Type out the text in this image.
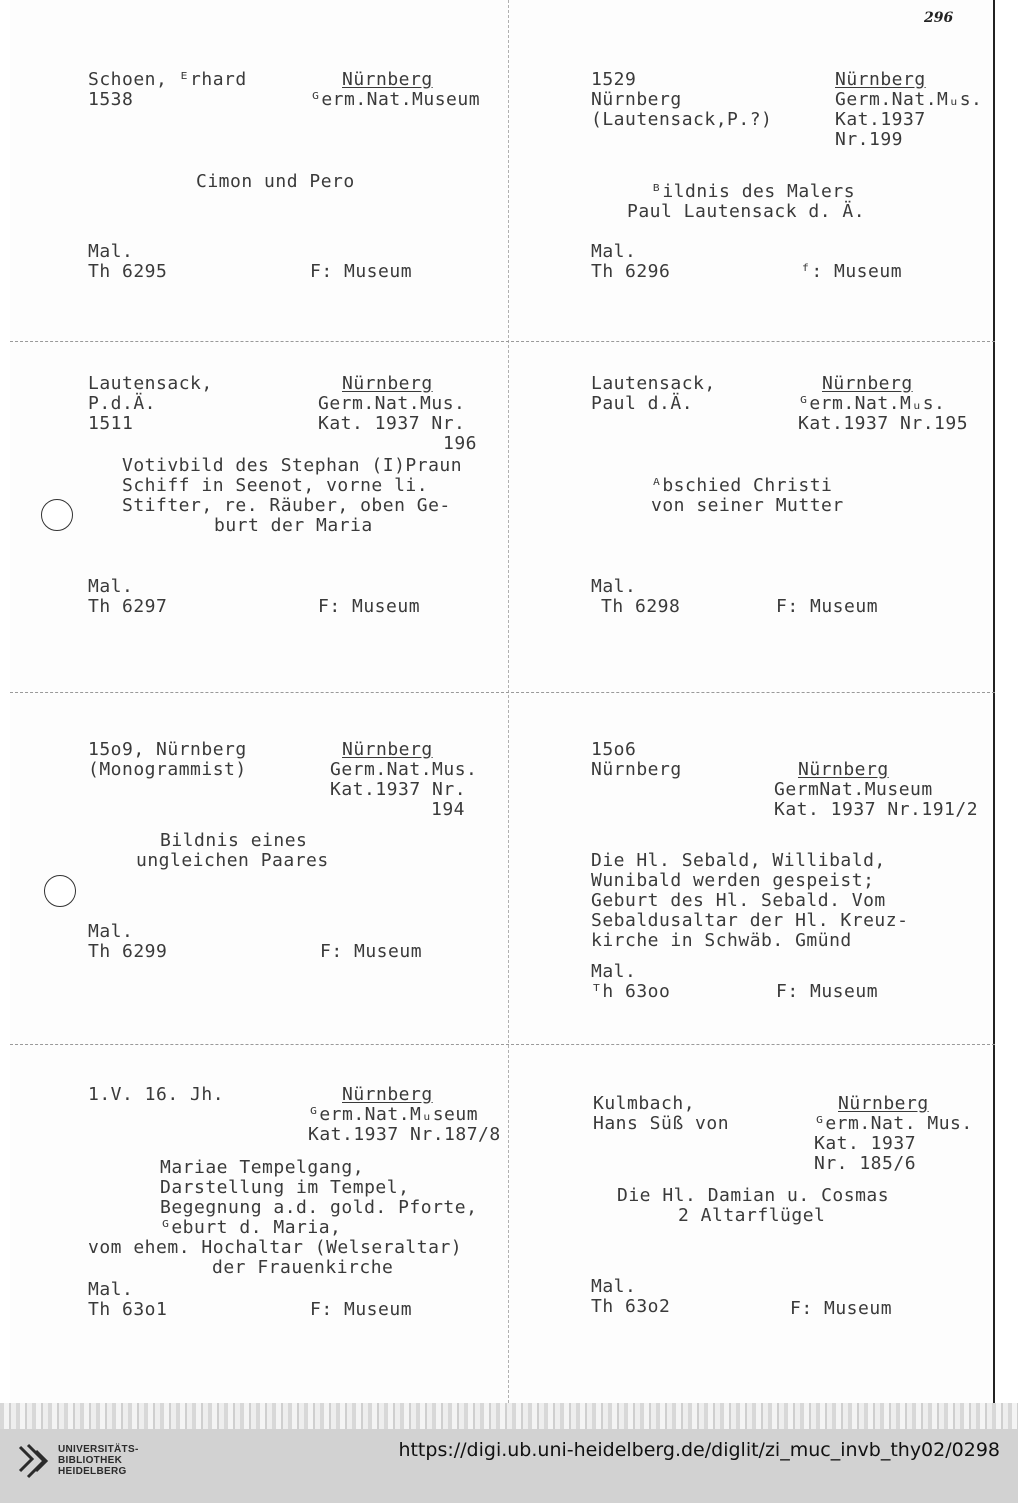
296
Schoen, ᴱrhard
1538
Nürnberg
ᴳerm.Nat.Museum
Cimon und Pero
Mal.
Th 6295	F: Museum
1529
Nürnberg
(Lautensack,P.?)
Nürnberg
Germ.Nat.Mᵤs.
Kat.1937
Nr.199
ᴮildnis des Malers
Paul Lautensack d. Ä.
Mal.
Th 6296	ᶠ: Museum
Lautensack,
P.d.Ä.
1511
Nürnberg
Germ.Nat.Mus.
Kat. 1937 Nr.
196
Votivbild des Stephan (I)Praun
Schiff in Seenot, vorne li.
Stifter, re. Räuber, oben Ge-
burt der Maria
Mal.
Th 6297	F: Museum
Lautensack,
Paul d.Ä.
Nürnberg
ᴳerm.Nat.Mᵤs.
Kat.1937 Nr.195
ᴬbschied Christi
von seiner Mutter
Mal.
Th 6298	F: Museum
15o9, Nürnberg
(Monogrammist)
Nürnberg
Germ.Nat.Mus.
Kat.1937 Nr.
194
Bildnis eines
ungleichen Paares
Mal.
Th 6299	F: Museum
15o6
Nürnberg	Nürnberg
GermNat.Museum
Kat. 1937 Nr.191/2
Die Hl. Sebald, Willibald,
Wunibald werden gespeist;
Geburt des Hl. Sebald. Vom
Sebaldusaltar der Hl. Kreuz-
kirche in Schwäb. Gmünd
Mal.
ᵀh 63oo	F: Museum
1.V. 16. Jh.	Nürnberg
ᴳerm.Nat.Mᵤseum
Kat.1937 Nr.187/8
Mariae Tempelgang,
Darstellung im Tempel,
Begegnung a.d. gold. Pforte,
ᴳeburt d. Maria,
vom ehem. Hochaltar (Welseraltar)
der Frauenkirche
Mal.
Th 63o1	F: Museum
Kulmbach,
Hans Süß von
Nürnberg
ᴳerm.Nat. Mus.
Kat. 1937
Nr. 185/6
Die Hl. Damian u. Cosmas
2 Altarflügel
Mal.
Th 63o2	F: Museum
UNIVERSITÄTS-
BIBLIOTHEK
HEIDELBERG
https://digi.ub.uni-heidelberg.de/diglit/zi_muc_invb_thy02/0298
